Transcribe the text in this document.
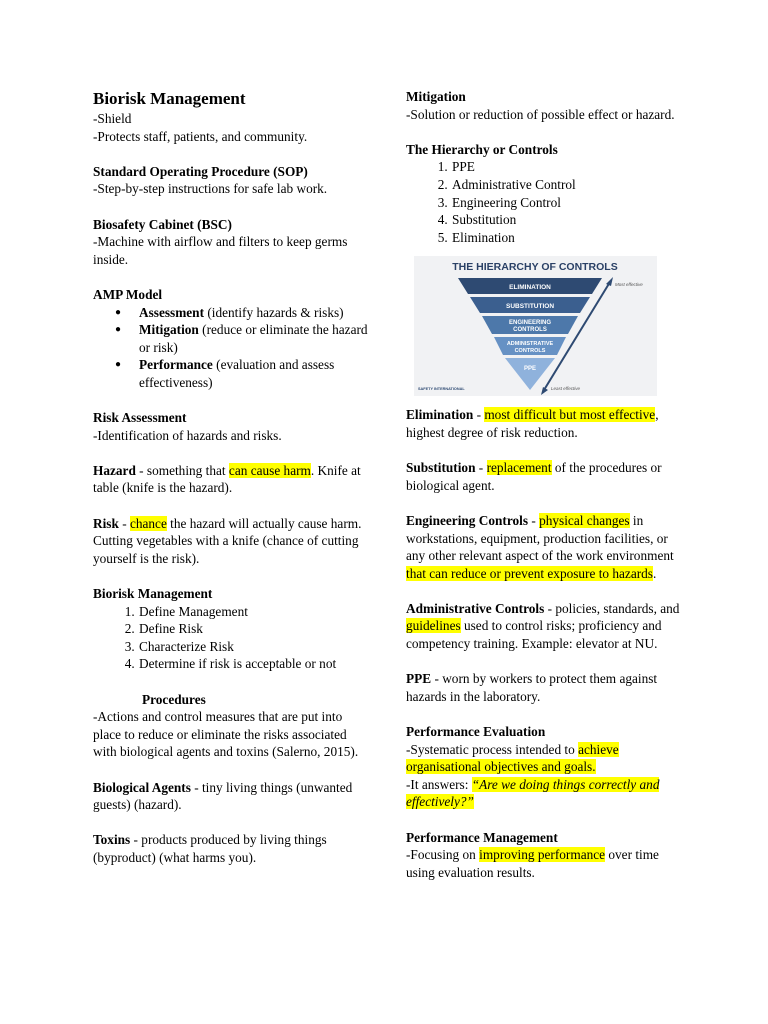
Biorisk Management

-Shield

-Protects staff, patients, and community.

Standard Operating Procedure (SOP)

-Step-by-step instructions for safe lab work.

Biosafety Cabinet (BSC)

-Machine with airflow and filters to keep germs inside.

AMP Model

● Assessment (identify hazards & risks)
● Mitigation (reduce or eliminate the hazard or risk)
● Performance (evaluation and assess effectiveness)

Risk Assessment

-Identification of hazards and risks.

Hazard - something that can cause harm. Knife at table (knife is the hazard).

Risk - chance the hazard will actually cause harm. Cutting vegetables with a knife (chance of cutting yourself is the risk).

Biorisk Management

1. Define Management
2. Define Risk
3. Characterize Risk
4. Determine if risk is acceptable or not

Procedures

-Actions and control measures that are put into place to reduce or eliminate the risks associated with biological agents and toxins (Salerno, 2015).

Biological Agents - tiny living things (unwanted guests) (hazard).

Toxins - products produced by living things (byproduct) (what harms you).

Mitigation

-Solution or reduction of possible effect or hazard.

The Hierarchy or Controls

1. PPE
2. Administrative Control
3. Engineering Control
4. Substitution
5. Elimination
THE HIERARCHY OF CONTROLS
ELIMINATION
SUBSTITUTION
ENGINEERING
CONTROLS
ADMINISTRATIVE
CONTROLS
PPE
Most effective
Least effective
SAFETY INTERNATIONAL

Elimination - most difficult but most effective, highest degree of risk reduction.

Substitution - replacement of the procedures or biological agent.

Engineering Controls - physical changes in workstations, equipment, production facilities, or any other relevant aspect of the work environment that can reduce or prevent exposure to hazards.

Administrative Controls - policies, standards, and guidelines used to control risks; proficiency and competency training. Example: elevator at NU.

PPE - worn by workers to protect them against hazards in the laboratory.

Performance Evaluation

-Systematic process intended to achieve organisational objectives and goals.

-It answers: “Are we doing things correctly and effectively?”

Performance Management

-Focusing on improving performance over time using evaluation results.
